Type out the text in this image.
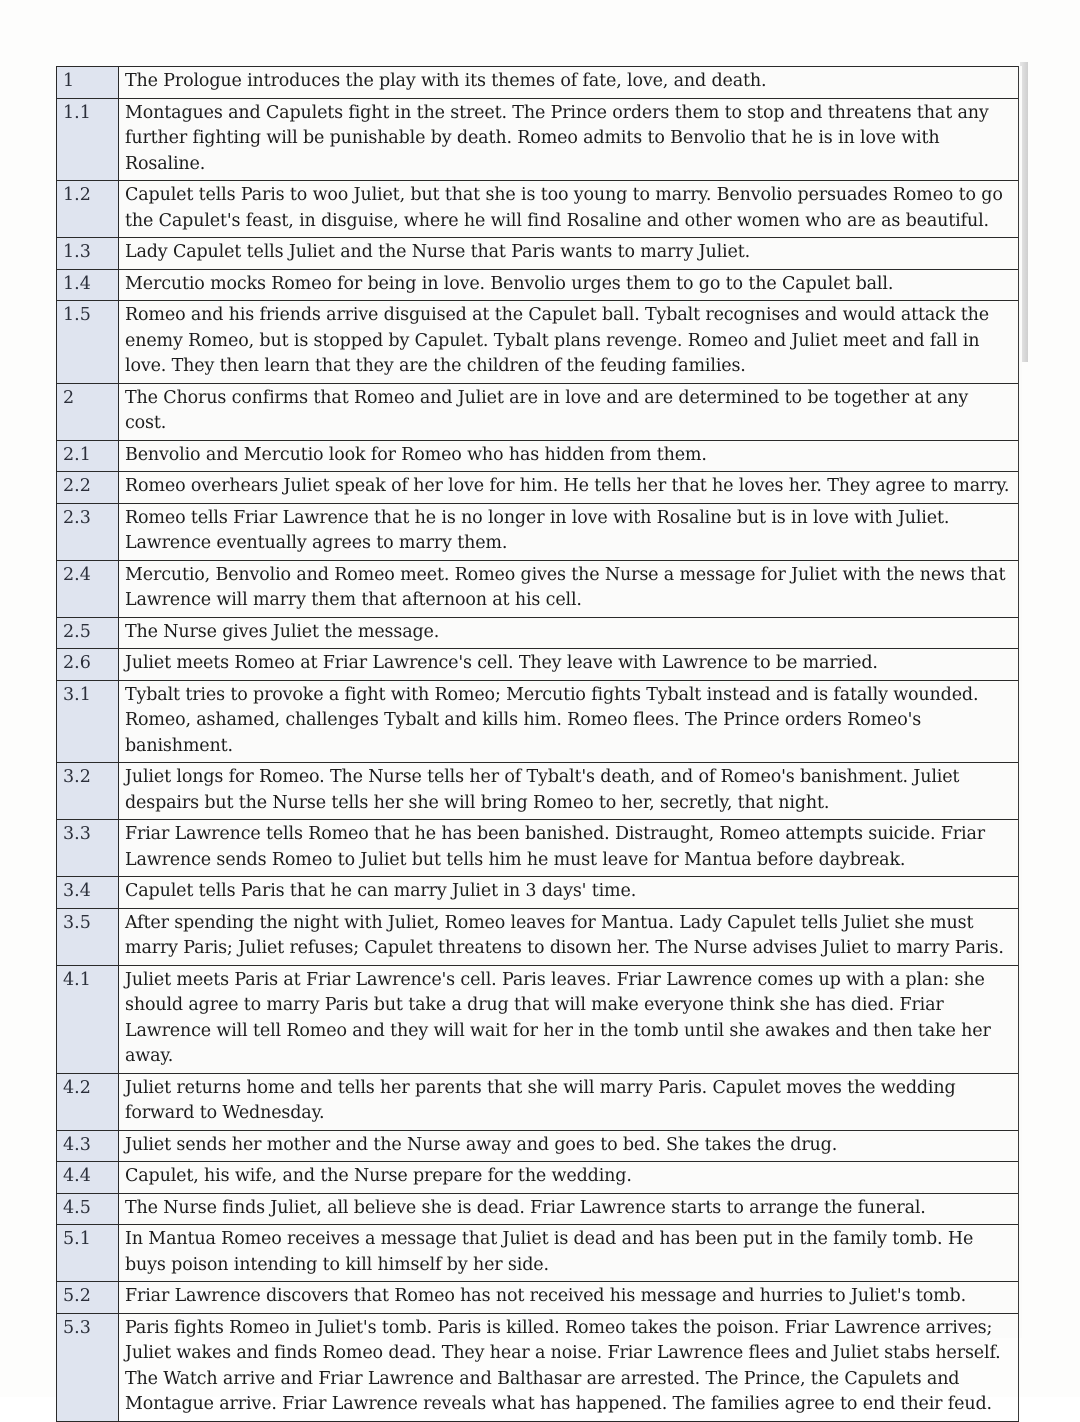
1	The Prologue introduces the play with its themes of fate, love, and death.
1.1	Montagues and Capulets fight in the street. The Prince orders them to stop and threatens that any further fighting will be punishable by death. Romeo admits to Benvolio that he is in love with Rosaline.
1.2	Capulet tells Paris to woo Juliet, but that she is too young to marry. Benvolio persuades Romeo to go the Capulet's feast, in disguise, where he will find Rosaline and other women who are as beautiful.
1.3	Lady Capulet tells Juliet and the Nurse that Paris wants to marry Juliet.
1.4	Mercutio mocks Romeo for being in love. Benvolio urges them to go to the Capulet ball.
1.5	Romeo and his friends arrive disguised at the Capulet ball. Tybalt recognises and would attack the enemy Romeo, but is stopped by Capulet. Tybalt plans revenge. Romeo and Juliet meet and fall in love. They then learn that they are the children of the feuding families.
2	The Chorus confirms that Romeo and Juliet are in love and are determined to be together at any cost.
2.1	Benvolio and Mercutio look for Romeo who has hidden from them.
2.2	Romeo overhears Juliet speak of her love for him. He tells her that he loves her. They agree to marry.
2.3	Romeo tells Friar Lawrence that he is no longer in love with Rosaline but is in love with Juliet. Lawrence eventually agrees to marry them.
2.4	Mercutio, Benvolio and Romeo meet. Romeo gives the Nurse a message for Juliet with the news that Lawrence will marry them that afternoon at his cell.
2.5	The Nurse gives Juliet the message.
2.6	Juliet meets Romeo at Friar Lawrence's cell. They leave with Lawrence to be married.
3.1	Tybalt tries to provoke a fight with Romeo; Mercutio fights Tybalt instead and is fatally wounded. Romeo, ashamed, challenges Tybalt and kills him. Romeo flees. The Prince orders Romeo's banishment.
3.2	Juliet longs for Romeo. The Nurse tells her of Tybalt's death, and of Romeo's banishment. Juliet despairs but the Nurse tells her she will bring Romeo to her, secretly, that night.
3.3	Friar Lawrence tells Romeo that he has been banished. Distraught, Romeo attempts suicide. Friar Lawrence sends Romeo to Juliet but tells him he must leave for Mantua before daybreak.
3.4	Capulet tells Paris that he can marry Juliet in 3 days' time.
3.5	After spending the night with Juliet, Romeo leaves for Mantua. Lady Capulet tells Juliet she must marry Paris; Juliet refuses; Capulet threatens to disown her. The Nurse advises Juliet to marry Paris.
4.1	Juliet meets Paris at Friar Lawrence's cell. Paris leaves. Friar Lawrence comes up with a plan: she should agree to marry Paris but take a drug that will make everyone think she has died. Friar Lawrence will tell Romeo and they will wait for her in the tomb until she awakes and then take her away.
4.2	Juliet returns home and tells her parents that she will marry Paris. Capulet moves the wedding forward to Wednesday.
4.3	Juliet sends her mother and the Nurse away and goes to bed. She takes the drug.
4.4	Capulet, his wife, and the Nurse prepare for the wedding.
4.5	The Nurse finds Juliet, all believe she is dead. Friar Lawrence starts to arrange the funeral.
5.1	In Mantua Romeo receives a message that Juliet is dead and has been put in the family tomb. He buys poison intending to kill himself by her side.
5.2	Friar Lawrence discovers that Romeo has not received his message and hurries to Juliet's tomb.
5.3	Paris fights Romeo in Juliet's tomb. Paris is killed. Romeo takes the poison. Friar Lawrence arrives; Juliet wakes and finds Romeo dead. They hear a noise. Friar Lawrence flees and Juliet stabs herself. The Watch arrive and Friar Lawrence and Balthasar are arrested. The Prince, the Capulets and Montague arrive. Friar Lawrence reveals what has happened. The families agree to end their feud.
